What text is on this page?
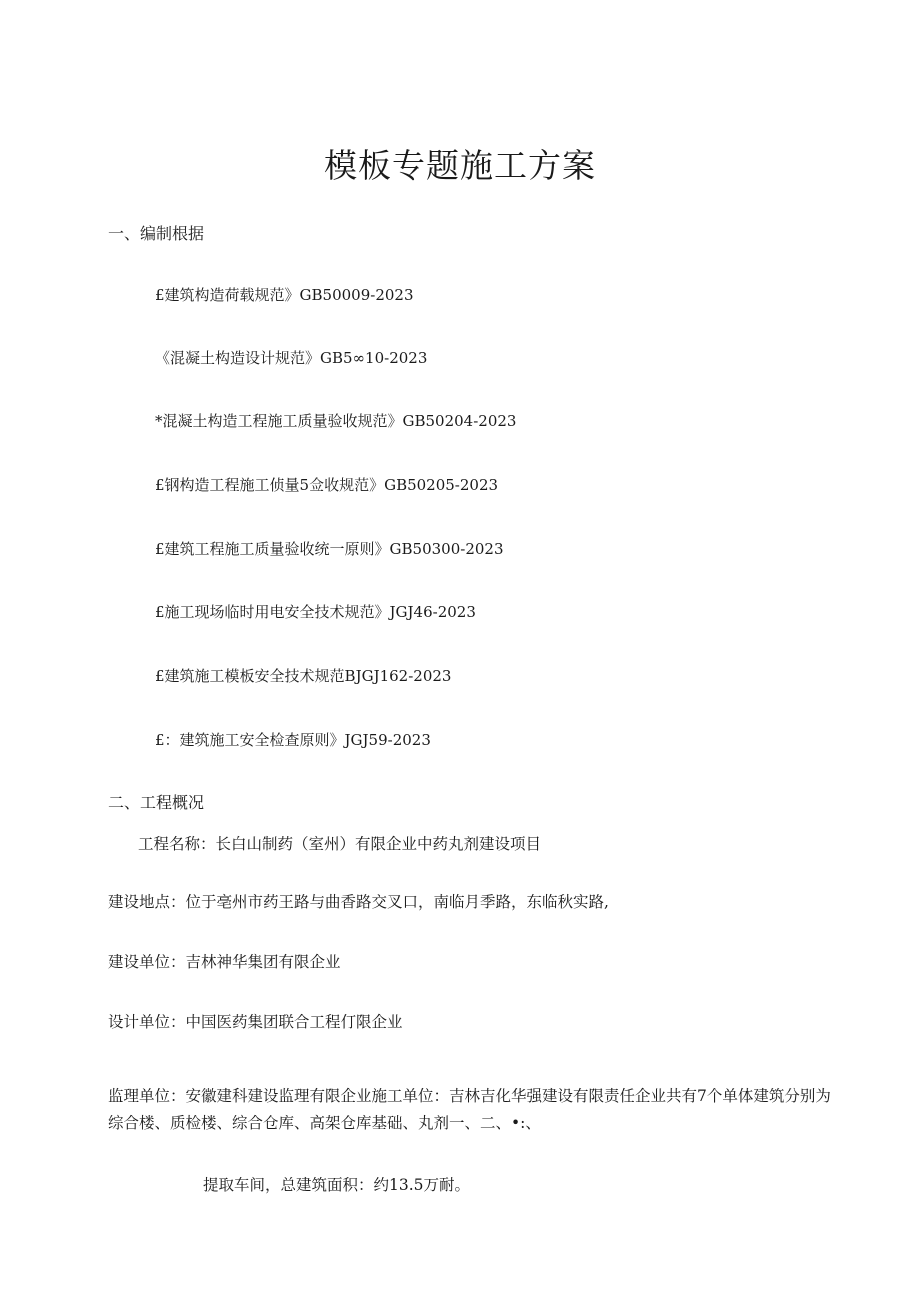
模板专题施工方案
一、编制根据
£建筑构造荷载规范》GB50009-2023
《混凝土构造设计规范》GB5∞10-2023
*混凝土构造工程施工质量验收规范》GB50204-2023
£钢构造工程施工侦量5佥收规范》GB50205-2023
£建筑工程施工质量验收统一原则》GB50300-2023
£施工现场临时用电安全技术规范》JGJ46-2023
£建筑施工模板安全技术规范BJGJ162-2023
£：建筑施工安全检查原则》JGJ59-2023
二、工程概况
工程名称：长白山制药（室州）有限企业中药丸剂建设项目
建设地点：位于亳州市药王路与曲香路交叉口，南临月季路，东临秋实路,
建设单位：吉林神华集团有限企业
设计单位：中国医药集团联合工程仃限企业
监理单位：安徽建科建设监理有限企业施工单位：吉林吉化华强建设有限责任企业共有7个单体建筑分别为综合楼、质检楼、综合仓库、高架仓库基础、丸剂一、二、•:、
提取车间，总建筑面积：约13.5万耐。
